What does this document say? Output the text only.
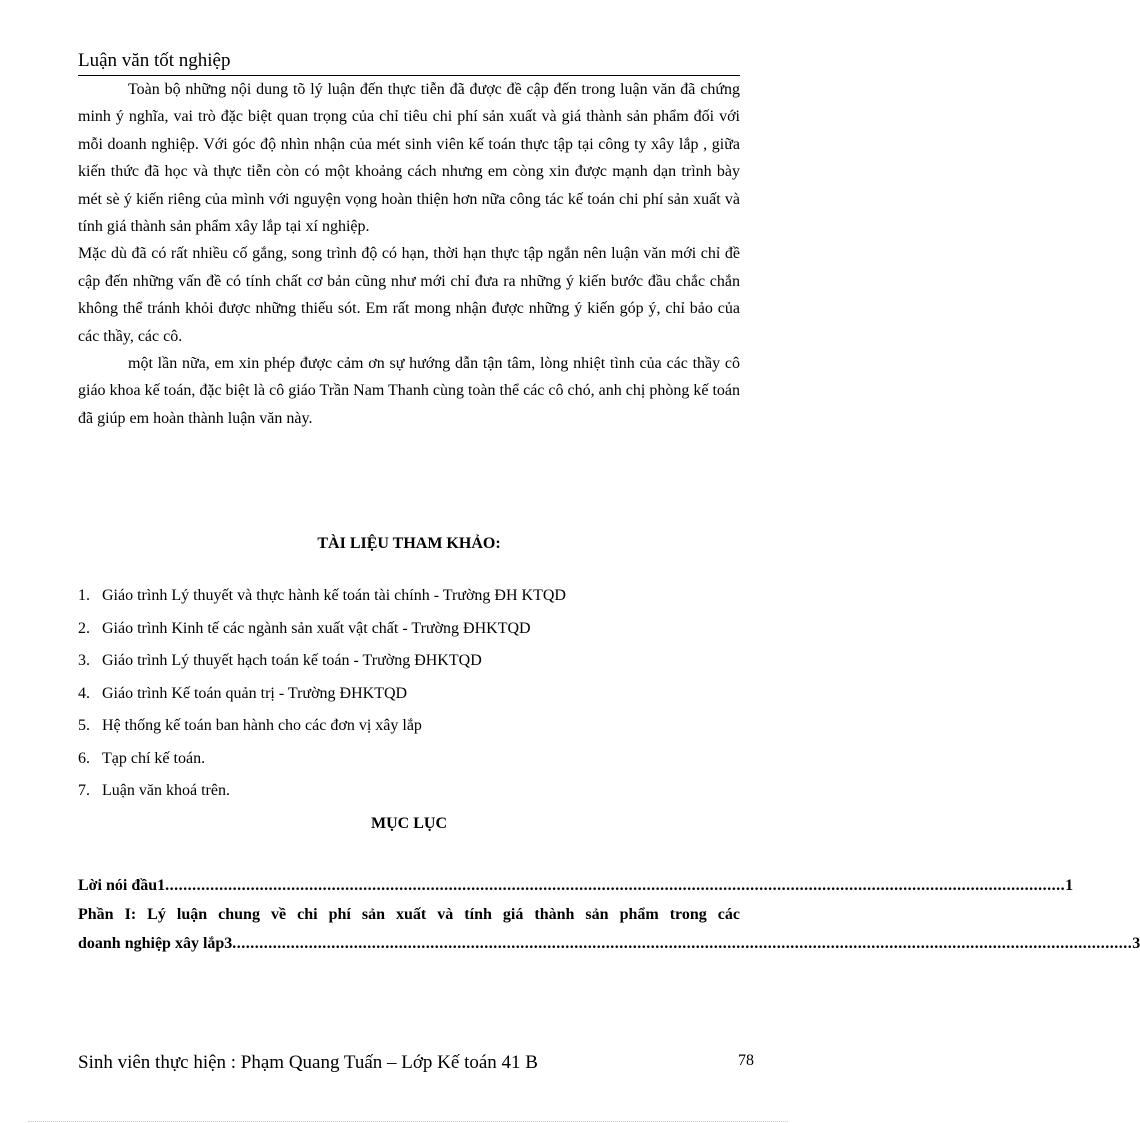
Luận văn tốt nghiệp

Toàn bộ những nội dung tõ lý luận đến thực tiễn đã được đề cập đến trong luận văn đã chứng minh ý nghĩa, vai trò đặc biệt quan trọng của chỉ tiêu chi phí sản xuất và giá thành sản phẩm đối với mỗi doanh nghiệp. Với góc độ nhìn nhận của mét sinh viên kế toán thực tập tại công ty xây lắp , giữa kiến thức đã học và thực tiễn còn có một khoảng cách nhưng em còng xin được mạnh dạn trình bày mét sè ý kiến riêng của mình với nguyện vọng hoàn thiện hơn nữa công tác kế toán chi phí sản xuất và tính giá thành sản phẩm xây lắp tại xí nghiệp.

Mặc dù đã có rất nhiều cố gắng, song trình độ có hạn, thời hạn thực tập ngắn nên luận văn mới chỉ đề cập đến những vấn đề có tính chất cơ bản cũng như mới chỉ đưa ra những ý kiến bước đầu chắc chắn không thể tránh khỏi được những thiếu sót. Em rất mong nhận được những ý kiến góp ý, chỉ bảo của các thầy, các cô.

một lần nữa, em xin phép được cảm ơn sự hướng dẫn tận tâm, lòng nhiệt tình của các thầy cô giáo khoa kế toán, đặc biệt là cô giáo Trần Nam Thanh cùng toàn thể các cô chó, anh chị phòng kế toán đã giúp em hoàn thành luận văn này.

TÀI LIỆU THAM KHẢO:
1. Giáo trình Lý thuyết và thực hành kế toán tài chính - Trường ĐH KTQD
2. Giáo trình Kinh tế các ngành sản xuất vật chất - Trường ĐHKTQD
3. Giáo trình Lý thuyết hạch toán kế toán - Trường ĐHKTQD
4. Giáo trình Kế toán quản trị - Trường ĐHKTQD
5. Hệ thống kế toán ban hành cho các đơn vị xây lắp
6. Tạp chí kế toán.
7. Luận văn khoá trên.
MỤC LỤC
Lời nói đầu1 ........................................................................................................................................................................................................ 1
Phần I: Lý luận chung về chi phí sản xuất và tính giá thành sản phẩm trong các
doanh nghiệp xây lắp3 ........................................................................................................................................................................................................ 3
Sinh viên thực hiện : Phạm Quang Tuấn – Lớp Kế toán 41 B	78
